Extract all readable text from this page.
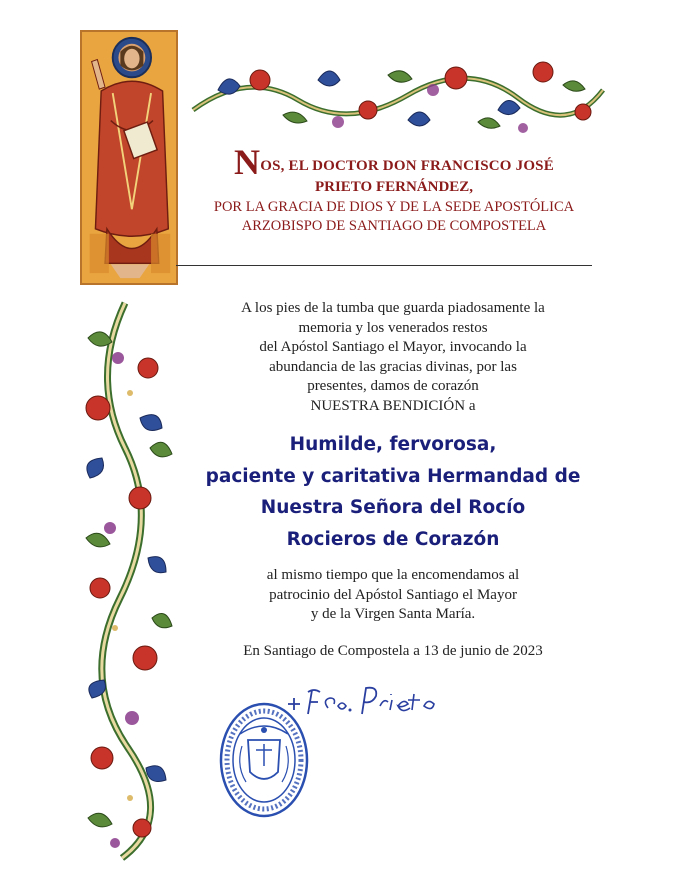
NOS, EL DOCTOR DON FRANCISCO JOSÉ
PRIETO FERNÁNDEZ,
POR LA GRACIA DE DIOS Y DE LA SEDE APOSTÓLICA
ARZOBISPO DE SANTIAGO DE COMPOSTELA
A los pies de la tumba que guarda piadosamente la
memoria y los venerados restos
del Apóstol Santiago el Mayor, invocando la
abundancia de las gracias divinas, por las
presentes, damos de corazón
NUESTRA BENDICIÓN a
Humilde, fervorosa,
paciente y caritativa Hermandad de
Nuestra Señora del Rocío
Rocieros de Corazón
al mismo tiempo que la encomendamos al
patrocinio del Apóstol Santiago el Mayor
y de la Virgen Santa María.
En Santiago de Compostela a 13 de junio de 2023
